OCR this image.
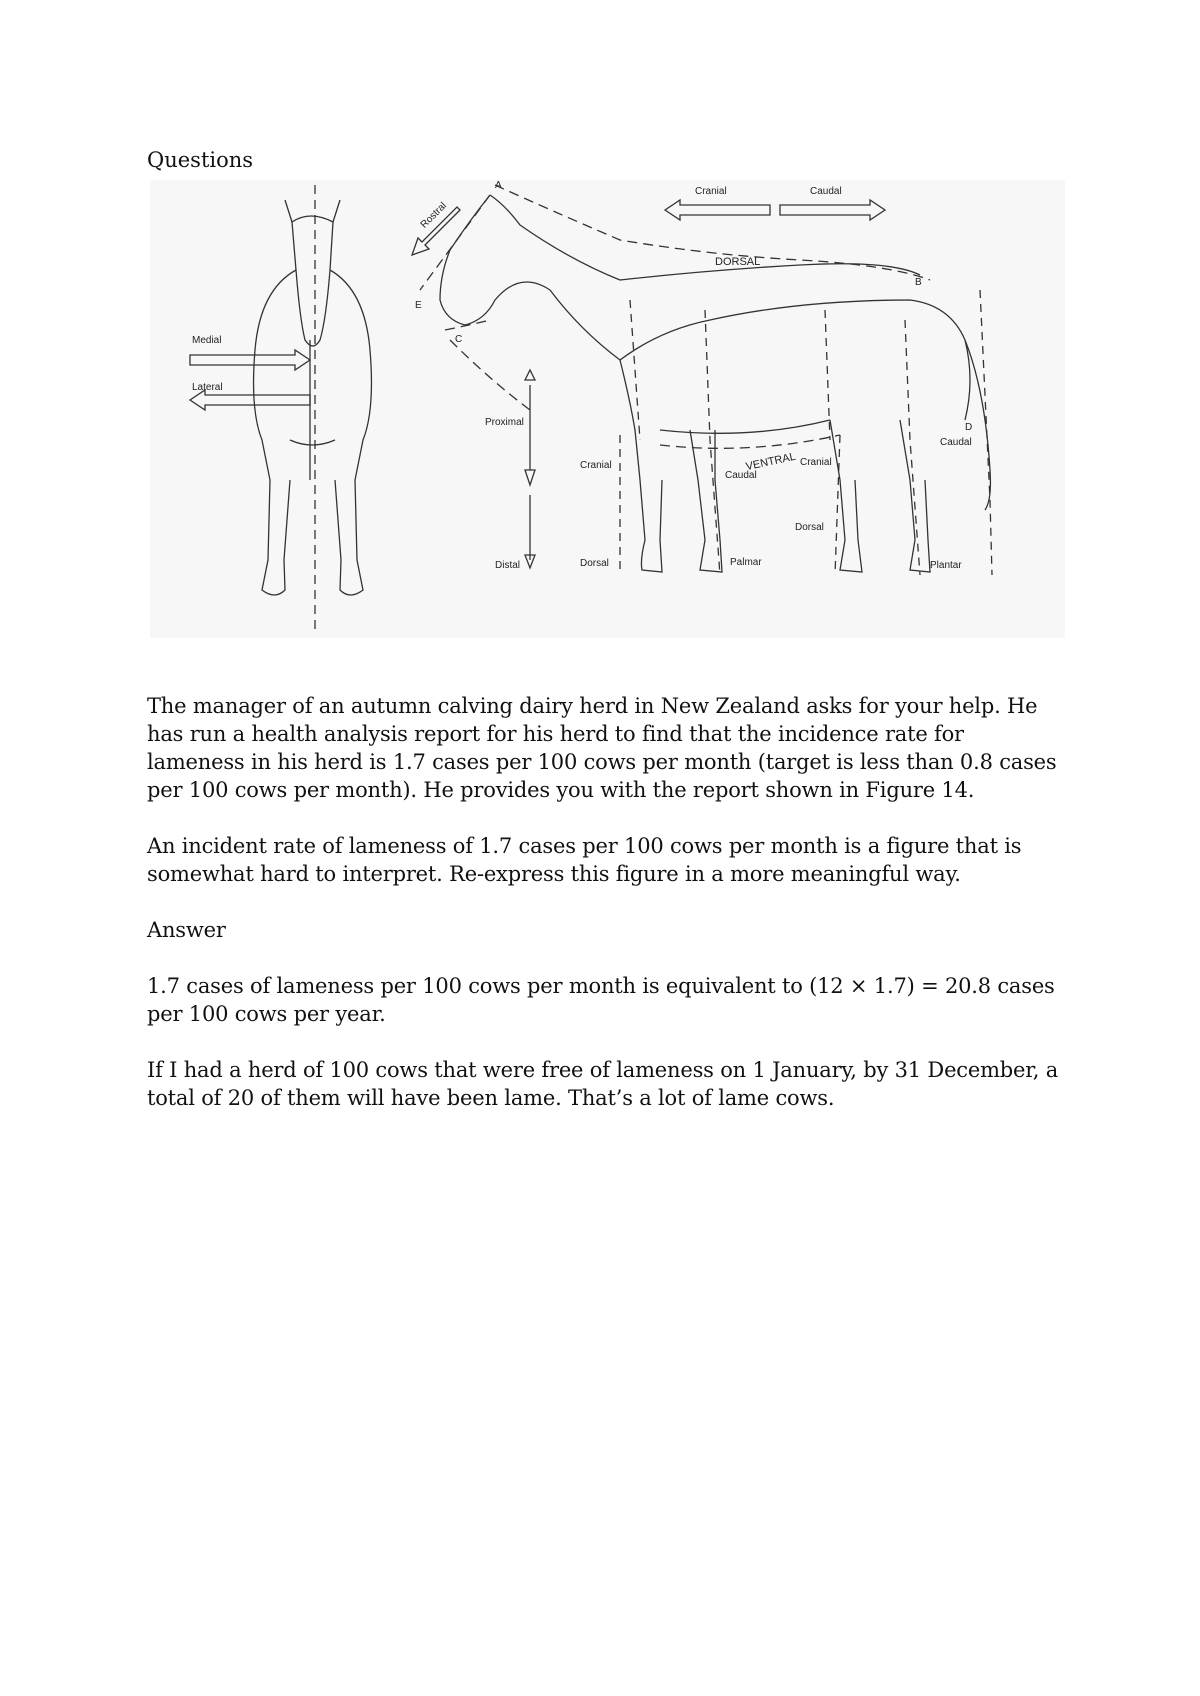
Questions
Medial
Lateral
Rostral
Cranial	Caudal
DORSAL
VENTRAL
Proximal
Distal
Cranial
Dorsal
Caudal
Palmar
Cranial
Dorsal
Plantar
Caudal
A
B
C
D
E

The manager of an autumn calving dairy herd in New Zealand asks for your help. He has run a health analysis report for his herd to find that the incidence rate for lameness in his herd is 1.7 cases per 100 cows per month (target is less than 0.8 cases per 100 cows per month). He provides you with the report shown in Figure 14.

An incident rate of lameness of 1.7 cases per 100 cows per month is a figure that is somewhat hard to interpret. Re-express this figure in a more meaningful way.

Answer

1.7 cases of lameness per 100 cows per month is equivalent to (12 × 1.7) = 20.8 cases per 100 cows per year.

If I had a herd of 100 cows that were free of lameness on 1 January, by 31 December, a total of 20 of them will have been lame. That’s a lot of lame cows.
